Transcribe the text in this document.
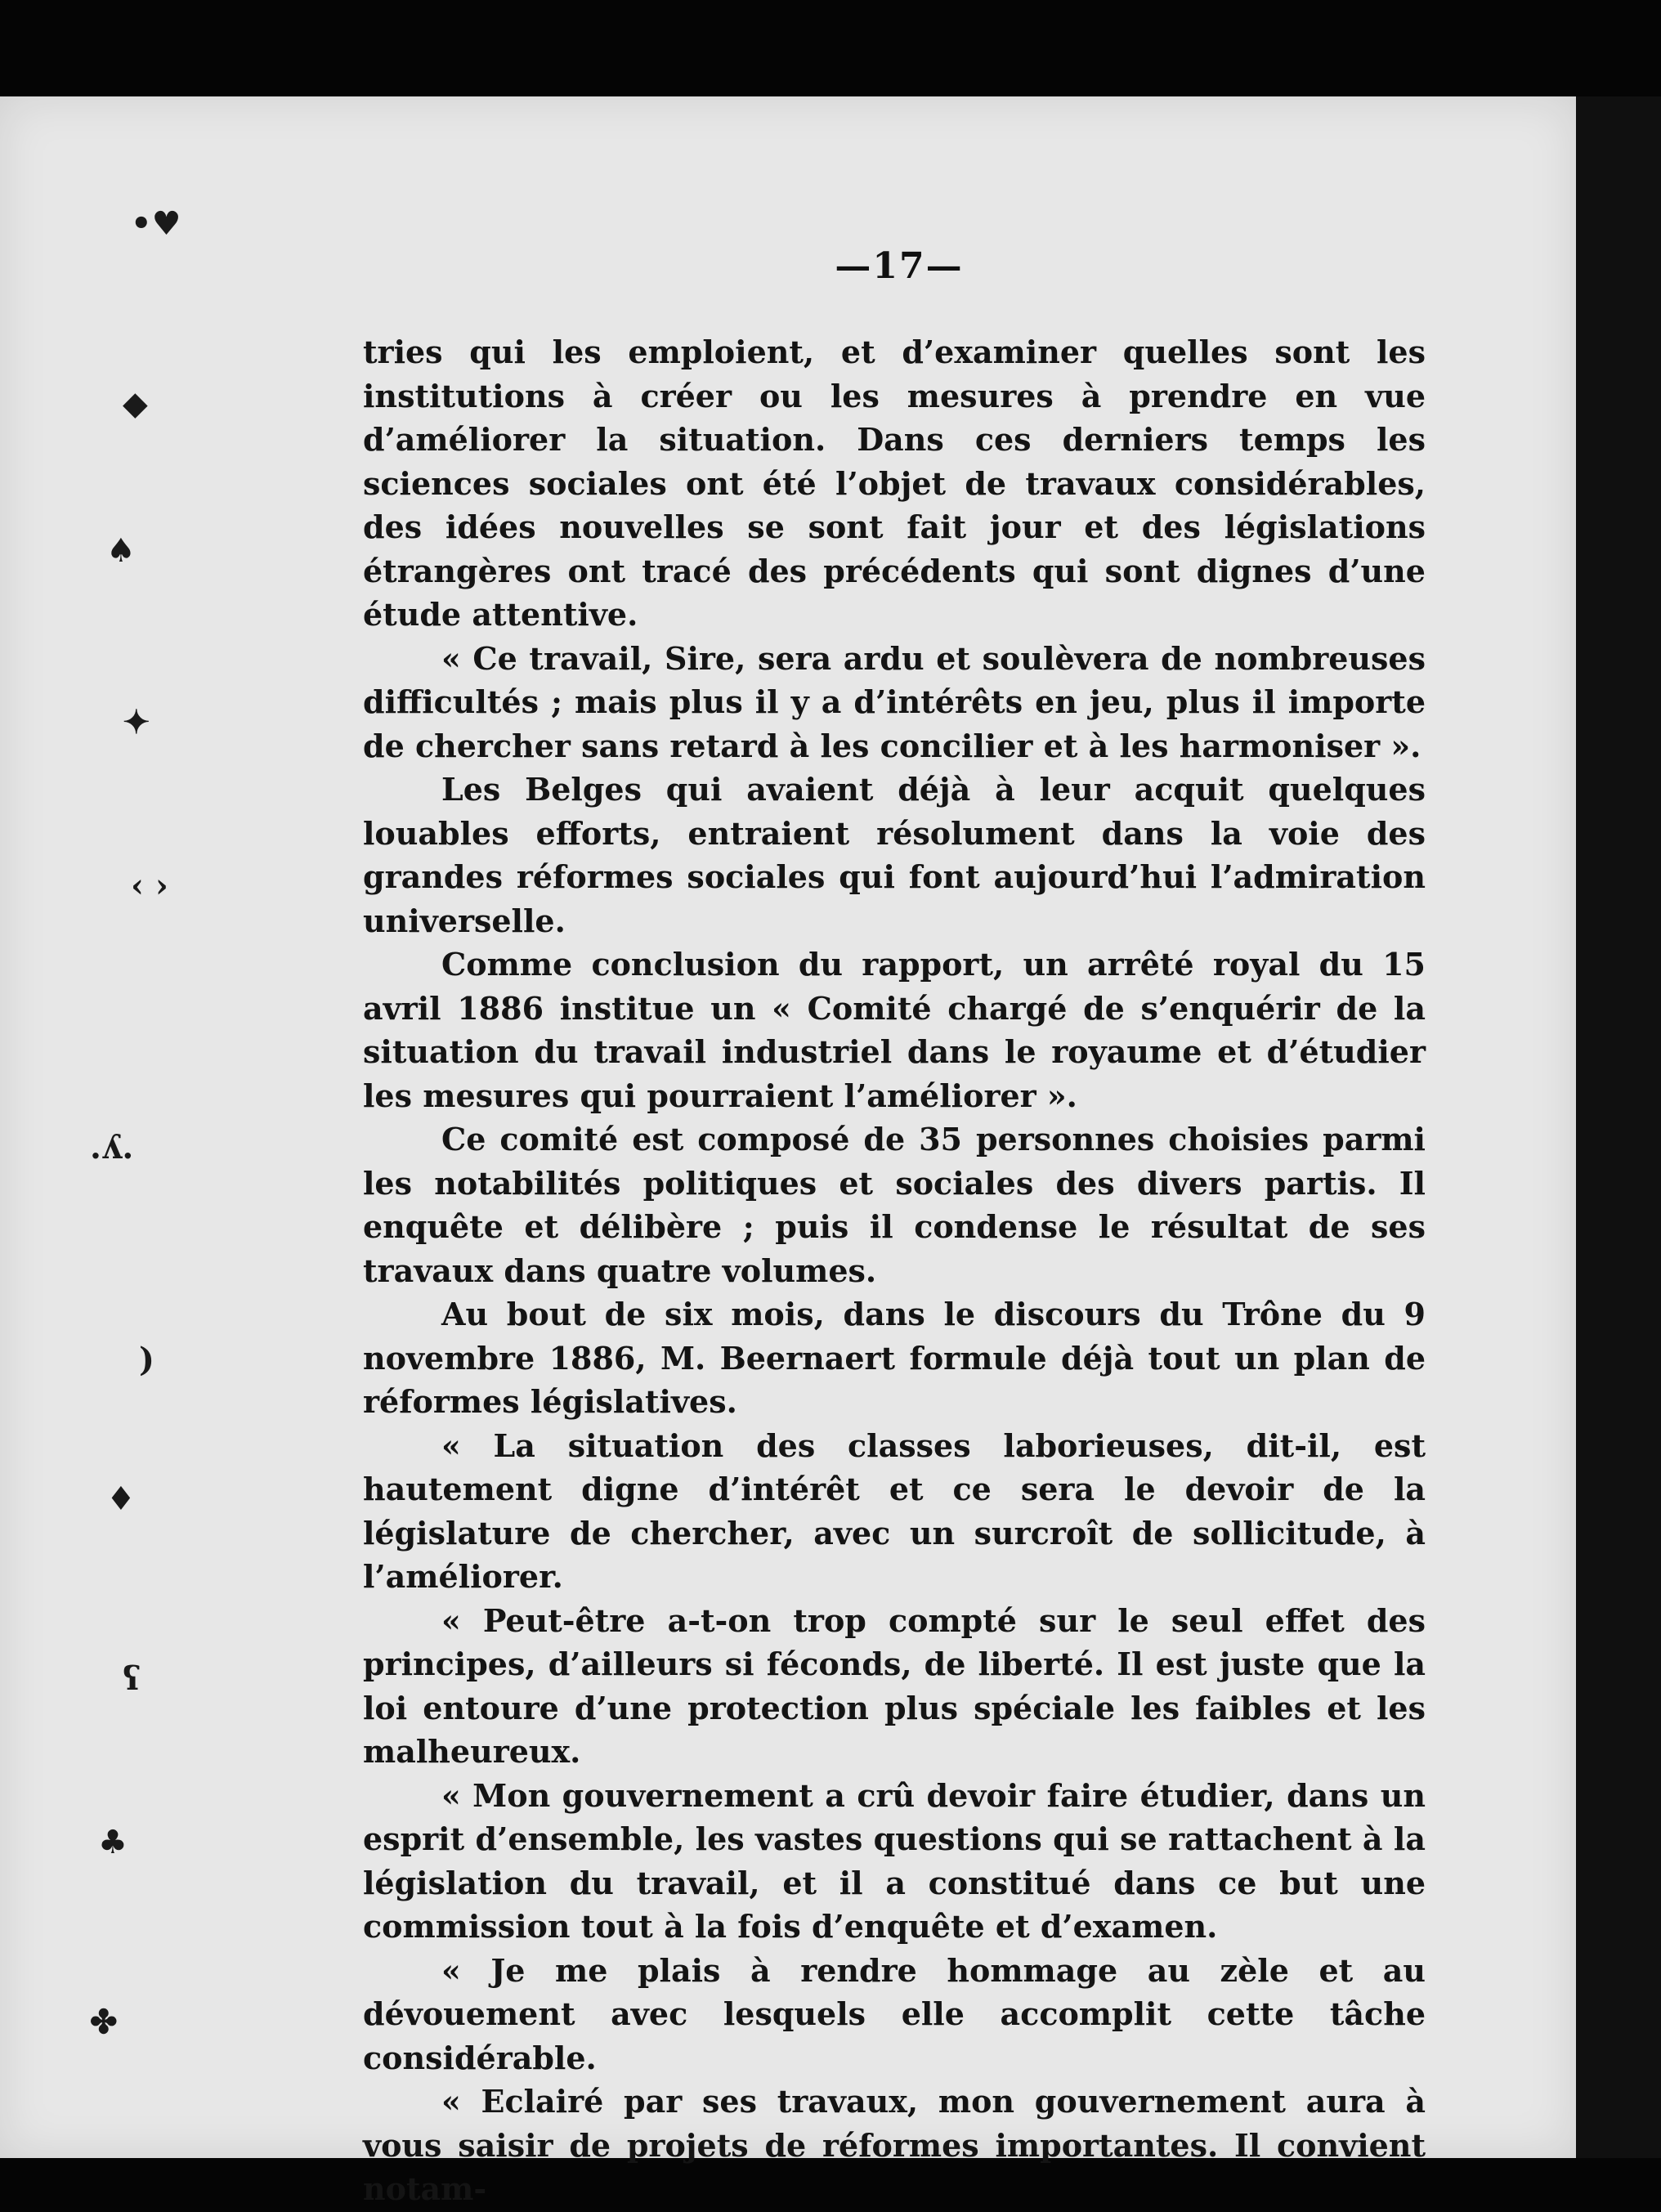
•♥
◆
♠
✦
‹ ›
.ʎ.
)
♦
ʕ
♣
✤
—17—

tries qui les emploient, et d’examiner quelles sont les institutions à créer ou les mesures à prendre en vue d’améliorer la situation. Dans ces derniers temps les sciences sociales ont été l’objet de travaux considérables, des idées nouvelles se sont fait jour et des législations étrangères ont tracé des précédents qui sont dignes d’une étude attentive.

« Ce travail, Sire, sera ardu et soulèvera de nombreuses difficultés ; mais plus il y a d’intérêts en jeu, plus il importe de chercher sans retard à les concilier et à les harmoniser ».

Les Belges qui avaient déjà à leur acquit quelques louables efforts, entraient résolument dans la voie des grandes réformes sociales qui font aujourd’hui l’admiration universelle.

Comme conclusion du rapport, un arrêté royal du 15 avril 1886 institue un « Comité chargé de s’enquérir de la situation du travail industriel dans le royaume et d’étudier les mesures qui pourraient l’améliorer ».

Ce comité est composé de 35 personnes choisies parmi les notabilités politiques et sociales des divers partis. Il enquête et délibère ; puis il condense le résultat de ses travaux dans quatre volumes.

Au bout de six mois, dans le discours du Trône du 9 novembre 1886, M. Beernaert formule déjà tout un plan de réformes législatives.

« La situation des classes laborieuses, dit-il, est hautement digne d’intérêt et ce sera le devoir de la législature de chercher, avec un surcroît de sollicitude, à l’améliorer.

« Peut-être a-t-on trop compté sur le seul effet des principes, d’ailleurs si féconds, de liberté. Il est juste que la loi entoure d’une protection plus spéciale les faibles et les malheureux.

« Mon gouvernement a crû devoir faire étudier, dans un esprit d’ensemble, les vastes questions qui se rattachent à la législation du travail, et il a constitué dans ce but une commission tout à la fois d’enquête et d’examen.

« Je me plais à rendre hommage au zèle et au dévouement avec lesquels elle accomplit cette tâche considérable.

« Eclairé par ses travaux, mon gouvernement aura à vous saisir de projets de réformes importantes. Il convient notam-
